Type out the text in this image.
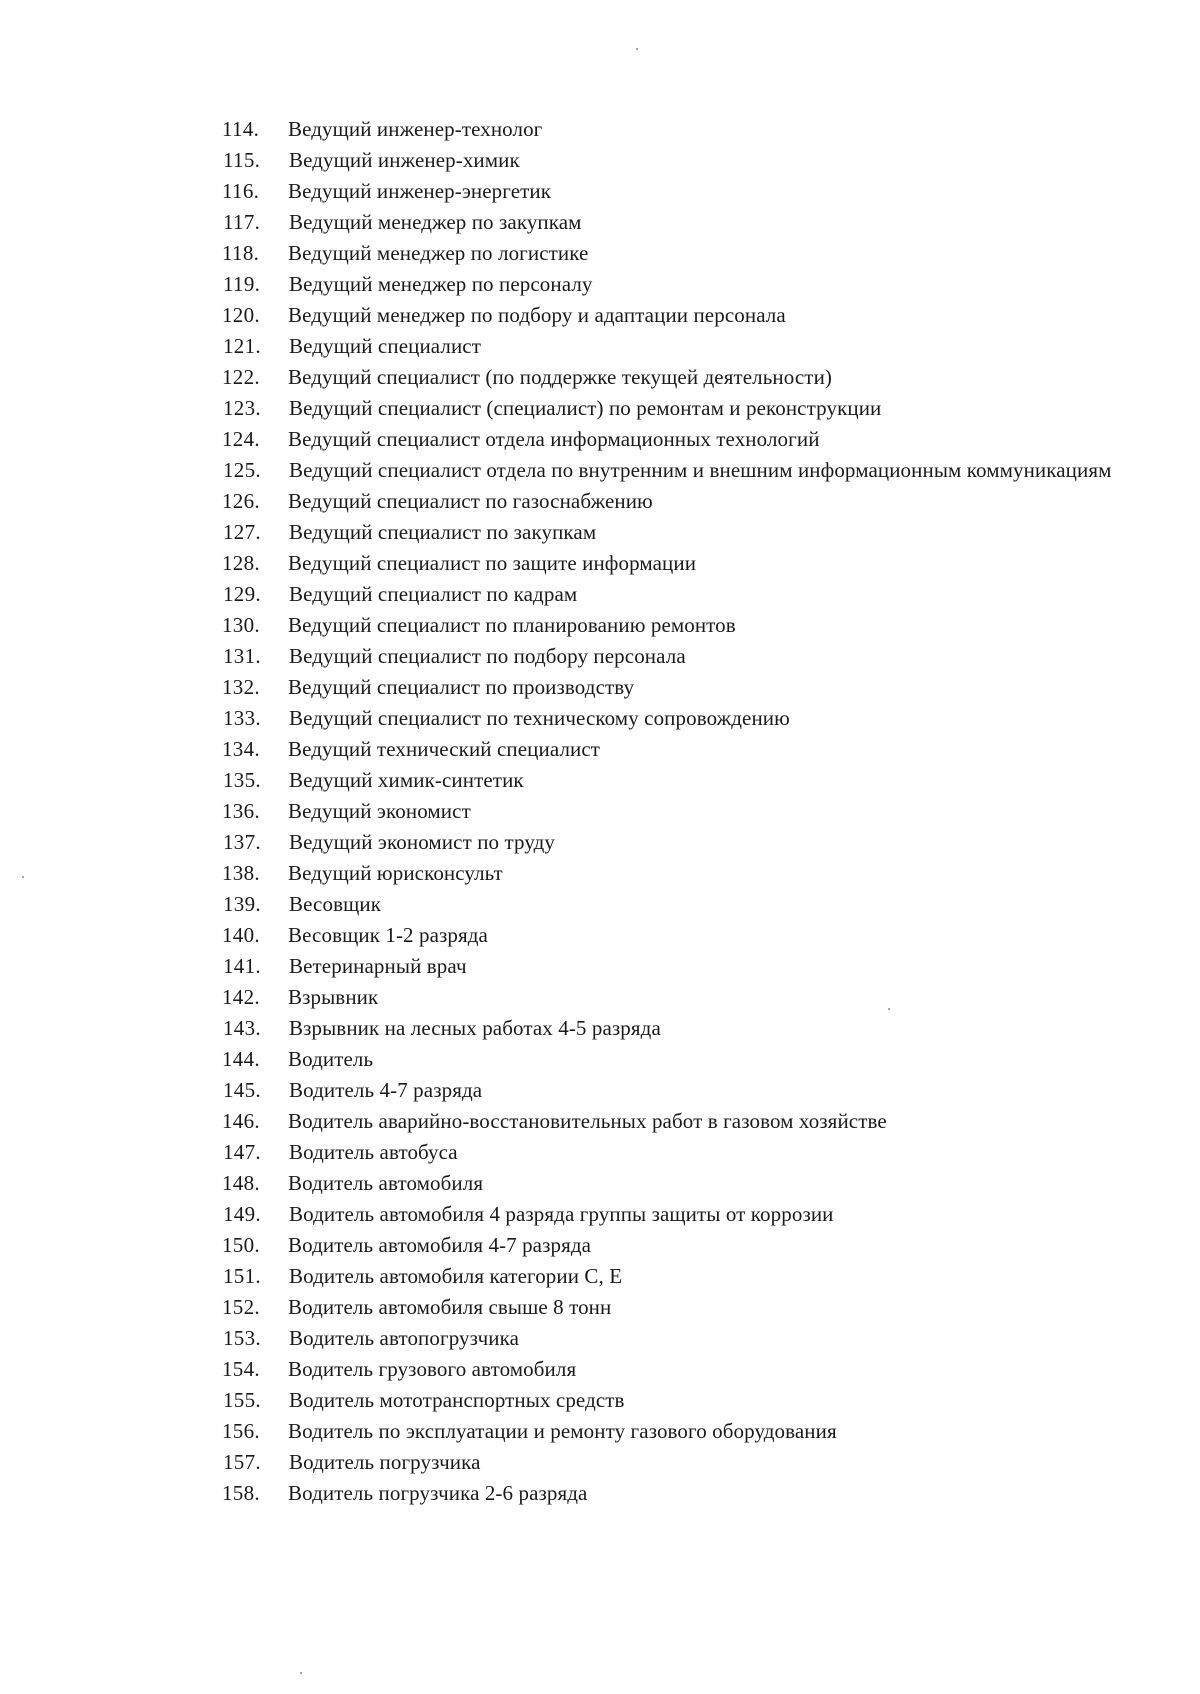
114.	Ведущий инженер-технолог
115.	Ведущий инженер-химик
116.	Ведущий инженер-энергетик
117.	Ведущий менеджер по закупкам
118.	Ведущий менеджер по логистике
119.	Ведущий менеджер по персоналу
120.	Ведущий менеджер по подбору и адаптации персонала
121.	Ведущий специалист
122.	Ведущий специалист (по поддержке текущей деятельности)
123.	Ведущий специалист (специалист) по ремонтам и реконструкции
124.	Ведущий специалист отдела информационных технологий
125.	Ведущий специалист отдела по внутренним и внешним информационным коммуникациям
126.	Ведущий специалист по газоснабжению
127.	Ведущий специалист по закупкам
128.	Ведущий специалист по защите информации
129.	Ведущий специалист по кадрам
130.	Ведущий специалист по планированию ремонтов
131.	Ведущий специалист по подбору персонала
132.	Ведущий специалист по производству
133.	Ведущий специалист по техническому сопровождению
134.	Ведущий технический специалист
135.	Ведущий химик-синтетик
136.	Ведущий экономист
137.	Ведущий экономист по труду
138.	Ведущий юрисконсульт
139.	Весовщик
140.	Весовщик 1-2 разряда
141.	Ветеринарный врач
142.	Взрывник
143.	Взрывник на лесных работах 4-5 разряда
144.	Водитель
145.	Водитель 4-7 разряда
146.	Водитель аварийно-восстановительных работ в газовом хозяйстве
147.	Водитель автобуса
148.	Водитель автомобиля
149.	Водитель автомобиля 4 разряда группы защиты от коррозии
150.	Водитель автомобиля 4-7 разряда
151.	Водитель автомобиля категории С, Е
152.	Водитель автомобиля свыше 8 тонн
153.	Водитель автопогрузчика
154.	Водитель грузового автомобиля
155.	Водитель мототранспортных средств
156.	Водитель по эксплуатации и ремонту газового оборудования
157.	Водитель погрузчика
158.	Водитель погрузчика 2-6 разряда
